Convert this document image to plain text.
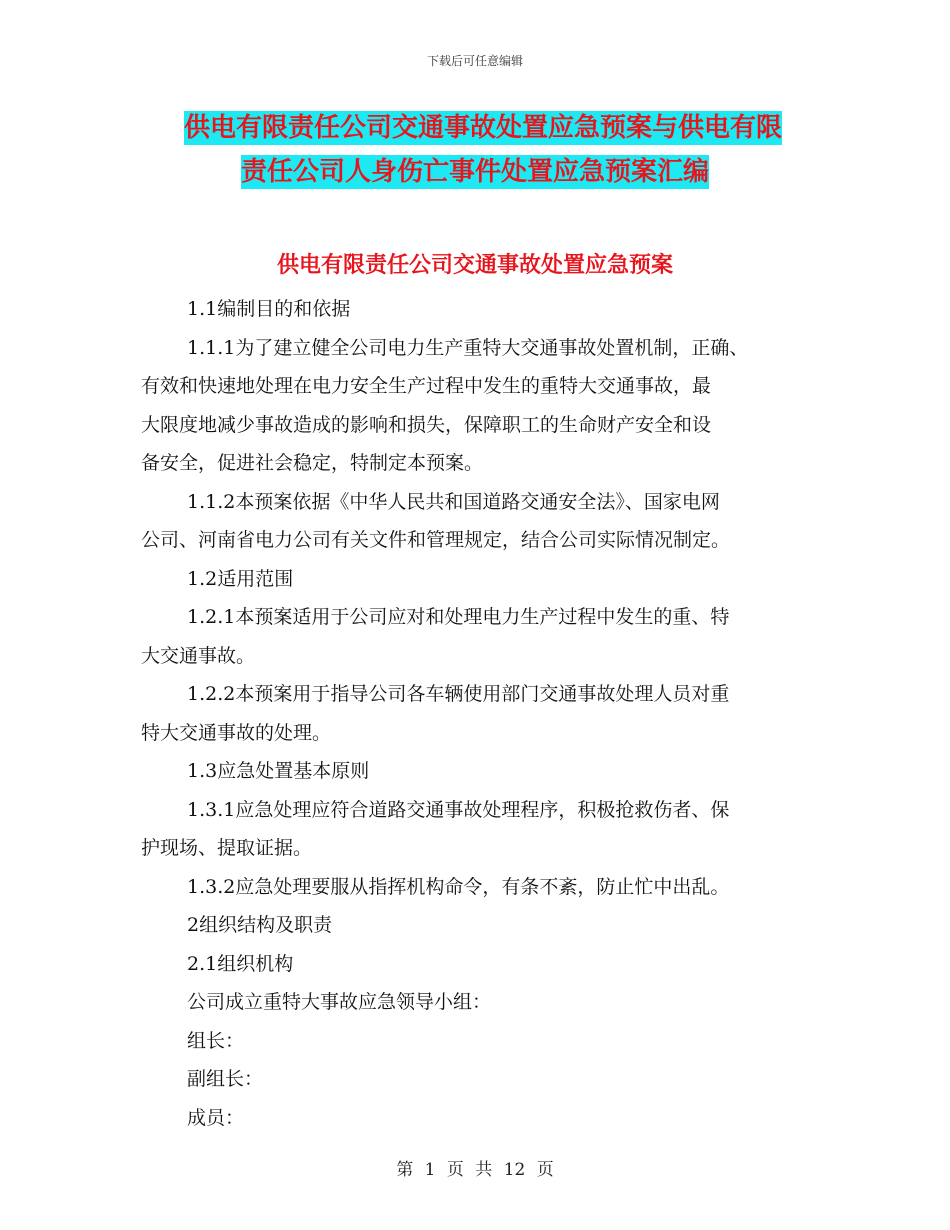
下载后可任意编辑
供电有限责任公司交通事故处置应急预案与供电有限
责任公司人身伤亡事件处置应急预案汇编
供电有限责任公司交通事故处置应急预案

1.1编制目的和依据

1.1.1为了建立健全公司电力生产重特大交通事故处置机制，正确、
有效和快速地处理在电力安全生产过程中发生的重特大交通事故，最
大限度地减少事故造成的影响和损失，保障职工的生命财产安全和设
备安全，促进社会稳定，特制定本预案。

1.1.2本预案依据《中华人民共和国道路交通安全法》、国家电网
公司、河南省电力公司有关文件和管理规定，结合公司实际情况制定。

1.2适用范围

1.2.1本预案适用于公司应对和处理电力生产过程中发生的重、特
大交通事故。

1.2.2本预案用于指导公司各车辆使用部门交通事故处理人员对重
特大交通事故的处理。

1.3应急处置基本原则

1.3.1应急处理应符合道路交通事故处理程序，积极抢救伤者、保
护现场、提取证据。

1.3.2应急处理要服从指挥机构命令，有条不紊，防止忙中出乱。

2组织结构及职责

2.1组织机构

公司成立重特大事故应急领导小组：

组长：

副组长：

成员：

第 1 页 共 12 页
